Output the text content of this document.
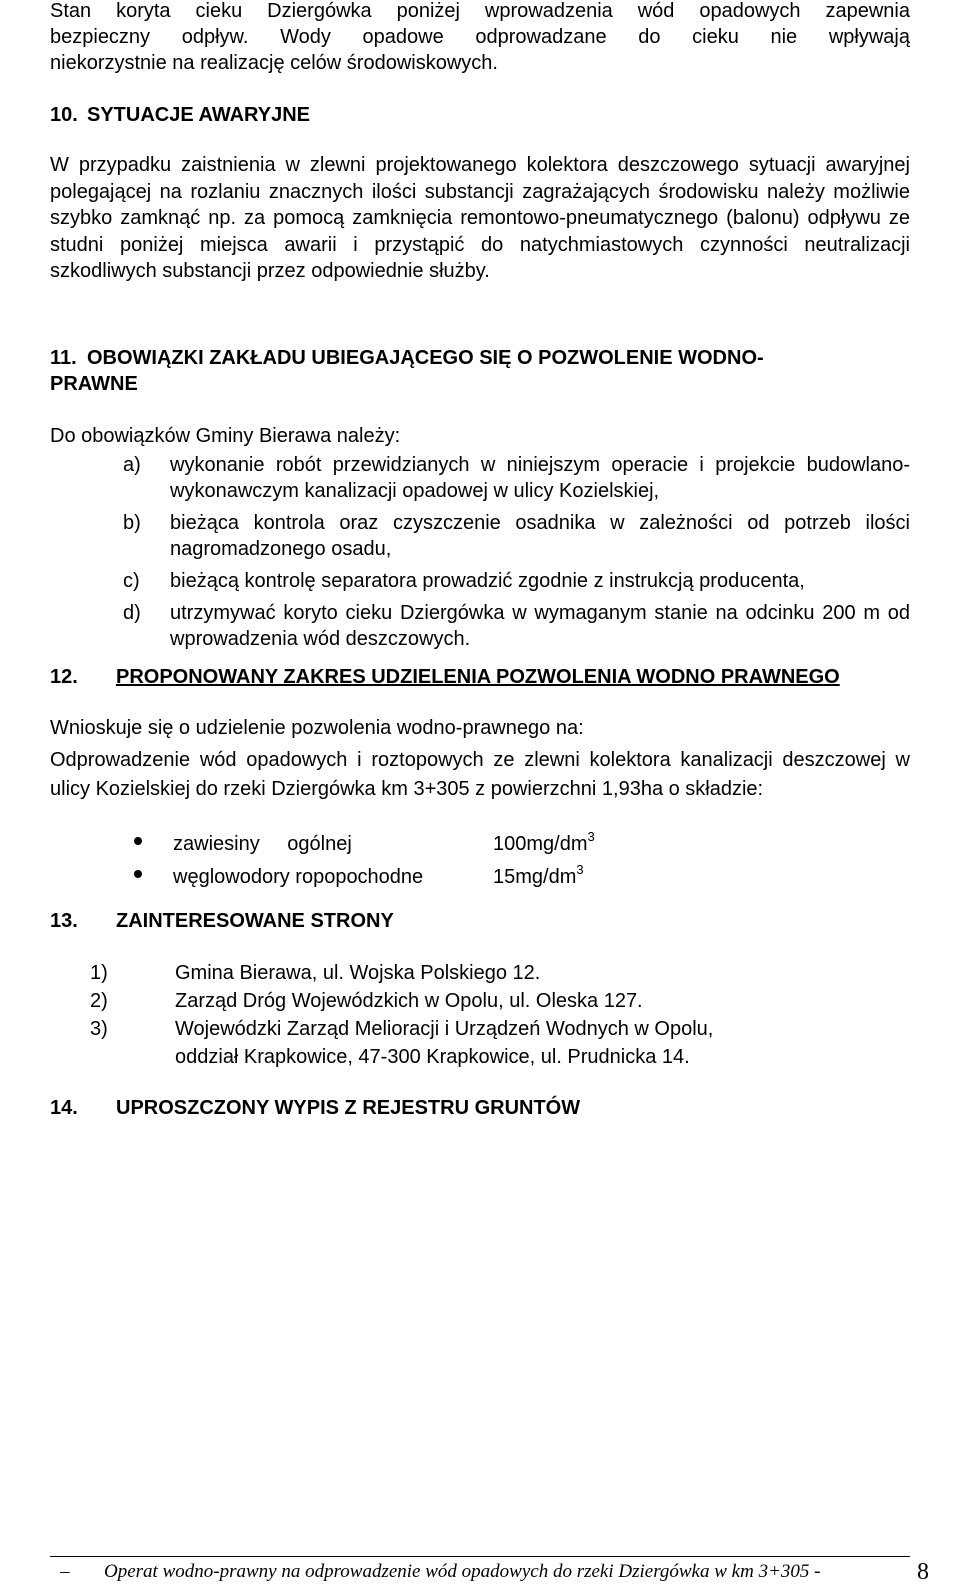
Stan koryta cieku Dziergówka poniżej wprowadzenia wód opadowych zapewnia

bezpieczny odpływ. Wody opadowe odprowadzane do cieku nie wpływają

niekorzystnie na realizację celów środowiskowych.

10. SYTUACJE AWARYJNE

W przypadku zaistnienia w zlewni projektowanego kolektora deszczowego sytuacji awaryjnej polegającej na rozlaniu znacznych ilości substancji zagrażających środowisku należy możliwie szybko zamknąć np. za pomocą zamknięcia remontowo-pneumatycznego (balonu) odpływu ze studni poniżej miejsca awarii i przystąpić do natychmiastowych czynności neutralizacji szkodliwych substancji przez odpowiednie służby.

11. OBOWIĄZKI ZAKŁADU UBIEGAJĄCEGO SIĘ O POZWOLENIE WODNO-
PRAWNE

Do obowiązków Gminy Bierawa należy:

a) wykonanie robót przewidzianych w niniejszym operacie i projekcie budowlano-wykonawczym kanalizacji opadowej w ulicy Kozielskiej,
b) bieżąca kontrola oraz czyszczenie osadnika w zależności od potrzeb ilości nagromadzonego osadu,
c) bieżącą kontrolę separatora prowadzić zgodnie z instrukcją producenta,
d) utrzymywać koryto cieku Dziergówka w wymaganym stanie na odcinku 200 m od wprowadzenia wód deszczowych.
12. PROPONOWANY ZAKRES UDZIELENIA POZWOLENIA WODNO PRAWNEGO

Wnioskuje się o udzielenie pozwolenia wodno-prawnego na:

Odprowadzenie wód opadowych i roztopowych ze zlewni kolektora kanalizacji deszczowej w ulicy Kozielskiej do rzeki Dziergówka km 3+305 z powierzchni 1,93ha o składzie:

zawiesiny ogólnej	$100mg/dm^3$
węglowodory ropopochodne	$15mg/dm^3$
13. ZAINTERESOWANE STRONY
1)	Gmina Bierawa, ul. Wojska Polskiego 12.
2)	Zarząd Dróg Wojewódzkich w Opolu, ul. Oleska 127.
3)	Wojewódzki Zarząd Melioracji i Urządzeń Wodnych w Opolu,
oddział Krapkowice, 47-300 Krapkowice, ul. Prudnicka 14.
14. UPROSZCZONY WYPIS Z REJESTRU GRUNTÓW
– Operat wodno-prawny na odprowadzenie wód opadowych do rzeki Dziergówka w km 3+305 -	8
